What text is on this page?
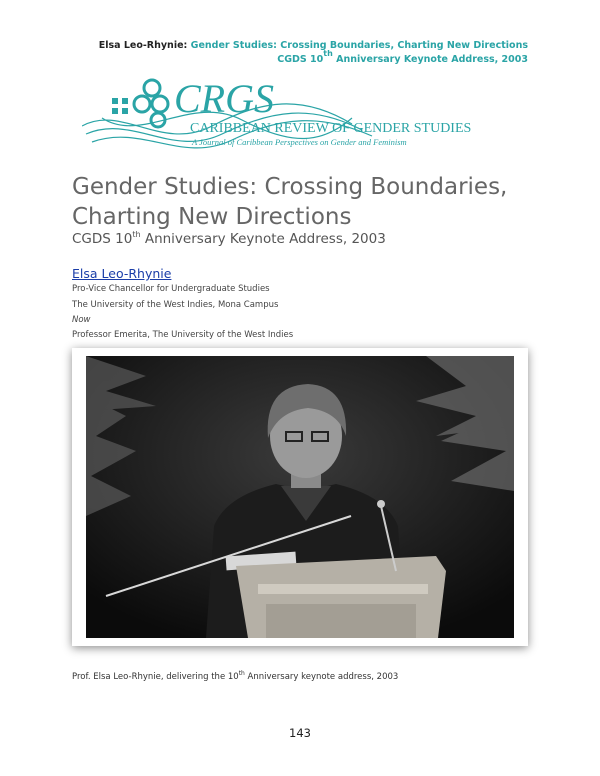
Elsa Leo-Rhynie: Gender Studies: Crossing Boundaries, Charting New Directions
CGDS 10th Anniversary Keynote Address, 2003
CRGS
CARIBBEAN REVIEW OF GENDER STUDIES
A Journal of Caribbean Perspectives on Gender and Feminism
Gender Studies: Crossing Boundaries,
Charting New Directions
CGDS 10th Anniversary Keynote Address, 2003
Elsa Leo-Rhynie
Pro-Vice Chancellor for Undergraduate Studies
The University of the West Indies, Mona Campus
Now
Professor Emerita, The University of the West Indies
Prof. Elsa Leo-Rhynie, delivering the 10th Anniversary keynote address, 2003
143
